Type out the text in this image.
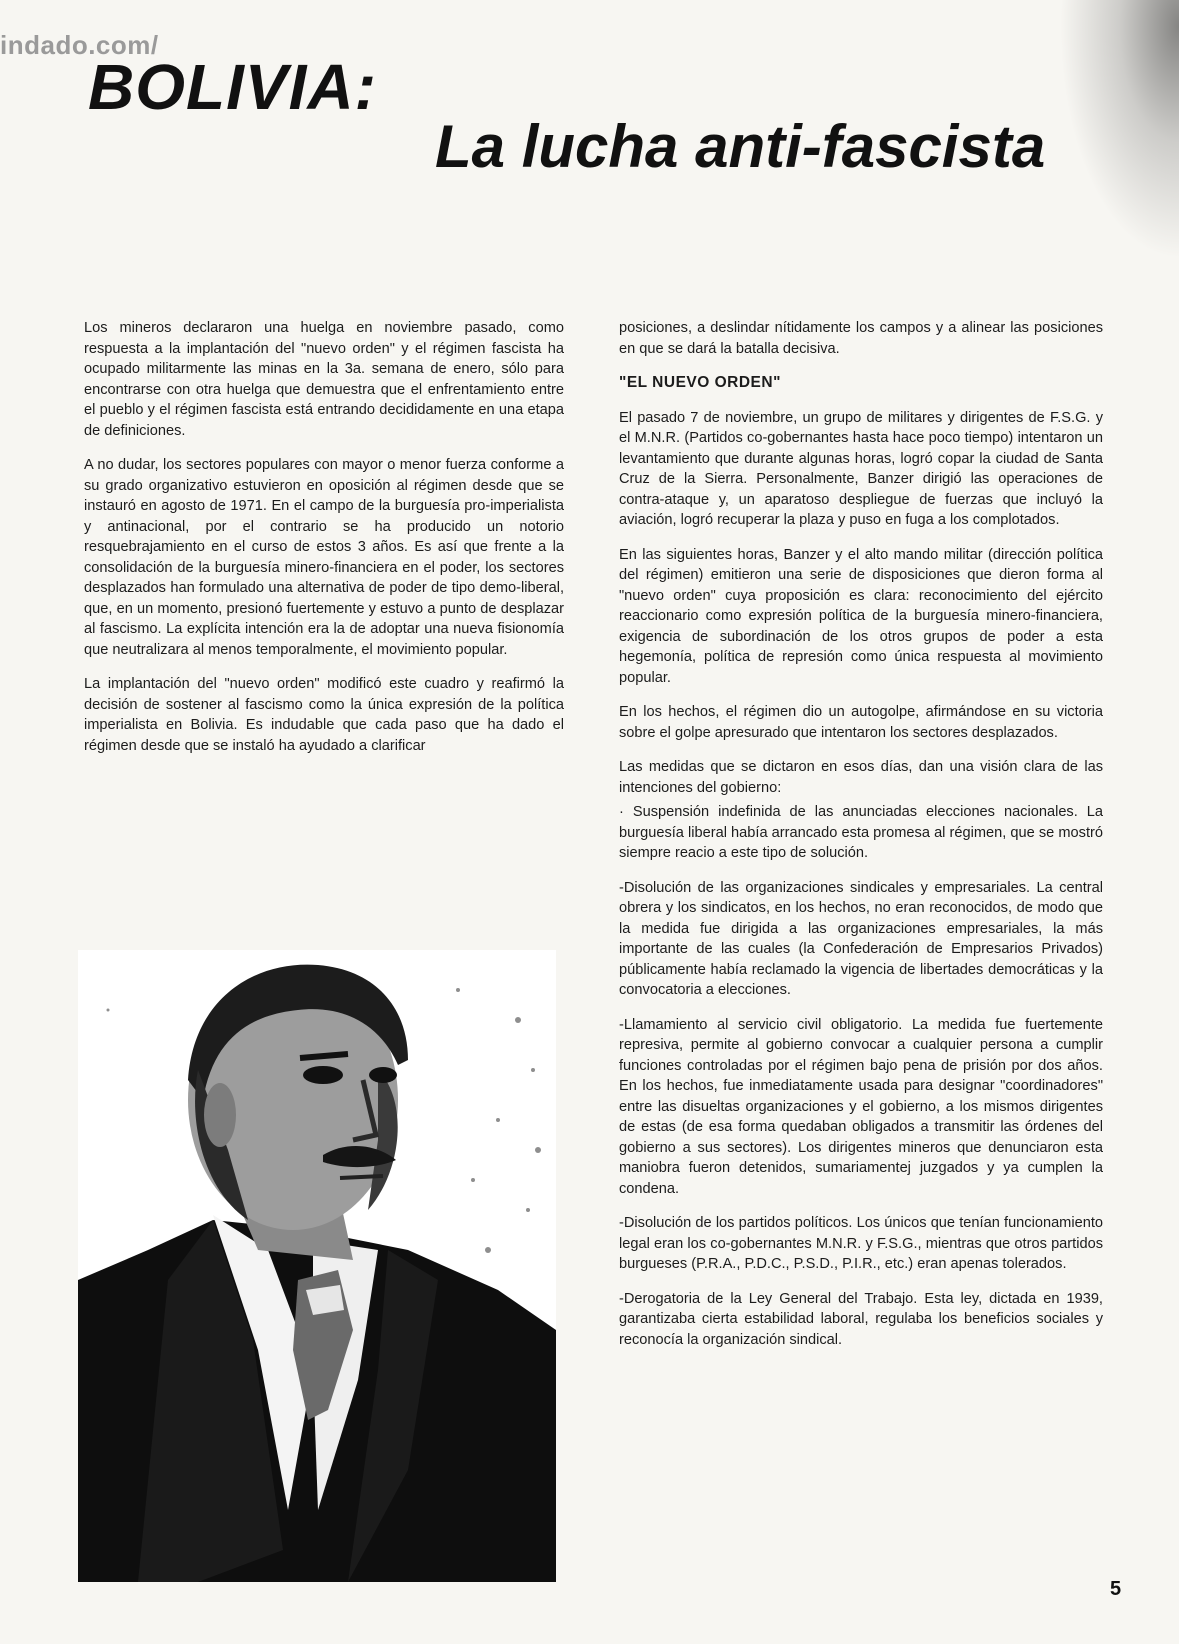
indado.com/
BOLIVIA:
La lucha anti-fascista

Los mineros declararon una huelga en noviembre pasado, como respuesta a la implantación del "nuevo orden" y el régimen fascista ha ocupado militarmente las minas en la 3a. semana de enero, sólo para encontrarse con otra huelga que demuestra que el enfrentamiento entre el pueblo y el régimen fascista está entrando decididamente en una etapa de definiciones.

A no dudar, los sectores populares con mayor o menor fuerza conforme a su grado organizativo estuvieron en oposición al régimen desde que se instauró en agosto de 1971. En el campo de la burguesía pro-imperialista y antinacional, por el contrario se ha producido un notorio resquebrajamiento en el curso de estos 3 años. Es así que frente a la consolidación de la burguesía minero-financiera en el poder, los sectores desplazados han formulado una alternativa de poder de tipo demo-liberal, que, en un momento, presionó fuertemente y estuvo a punto de desplazar al fascismo. La explícita intención era la de adoptar una nueva fisionomía que neutralizara al menos temporalmente, el movimiento popular.

La implantación del "nuevo orden" modificó este cuadro y reafirmó la decisión de sostener al fascismo como la única expresión de la política imperialista en Bolivia. Es indudable que cada paso que ha dado el régimen desde que se instaló ha ayudado a clarificar

posiciones, a deslindar nítidamente los campos y a alinear las posiciones en que se dará la batalla decisiva.

"EL NUEVO ORDEN"

El pasado 7 de noviembre, un grupo de militares y dirigentes de F.S.G. y el M.N.R. (Partidos co-gobernantes hasta hace poco tiempo) intentaron un levantamiento que durante algunas horas, logró copar la ciudad de Santa Cruz de la Sierra. Personalmente, Banzer dirigió las operaciones de contra-ataque y, un aparatoso despliegue de fuerzas que incluyó la aviación, logró recuperar la plaza y puso en fuga a los complotados.

En las siguientes horas, Banzer y el alto mando militar (dirección política del régimen) emitieron una serie de disposiciones que dieron forma al "nuevo orden" cuya proposición es clara: reconocimiento del ejército reaccionario como expresión política de la burguesía minero-financiera, exigencia de subordinación de los otros grupos de poder a esta hegemonía, política de represión como única respuesta al movimiento popular.

En los hechos, el régimen dio un autogolpe, afirmándose en su victoria sobre el golpe apresurado que intentaron los sectores desplazados.

Las medidas que se dictaron en esos días, dan una visión clara de las intenciones del gobierno:

· Suspensión indefinida de las anunciadas elecciones nacionales. La burguesía liberal había arrancado esta promesa al régimen, que se mostró siempre reacio a este tipo de solución.

-Disolución de las organizaciones sindicales y empresariales. La central obrera y los sindicatos, en los hechos, no eran reconocidos, de modo que la medida fue dirigida a las organizaciones empresariales, la más importante de las cuales (la Confederación de Empresarios Privados) públicamente había reclamado la vigencia de libertades democráticas y la convocatoria a elecciones.

-Llamamiento al servicio civil obligatorio. La medida fue fuertemente represiva, permite al gobierno convocar a cualquier persona a cumplir funciones controladas por el régimen bajo pena de prisión por dos años. En los hechos, fue inmediatamente usada para designar "coordinadores" entre las disueltas organizaciones y el gobierno, a los mismos dirigentes de estas (de esa forma quedaban obligados a transmitir las órdenes del gobierno a sus sectores). Los dirigentes mineros que denunciaron esta maniobra fueron detenidos, sumariamentej juzgados y ya cumplen la condena.

-Disolución de los partidos políticos. Los únicos que tenían funcionamiento legal eran los co-gobernantes M.N.R. y F.S.G., mientras que otros partidos burgueses (P.R.A., P.D.C., P.S.D., P.I.R., etc.) eran apenas tolerados.

-Derogatoria de la Ley General del Trabajo. Esta ley, dictada en 1939, garantizaba cierta estabilidad laboral, regulaba los beneficios sociales y reconocía la organización sindical.

5
